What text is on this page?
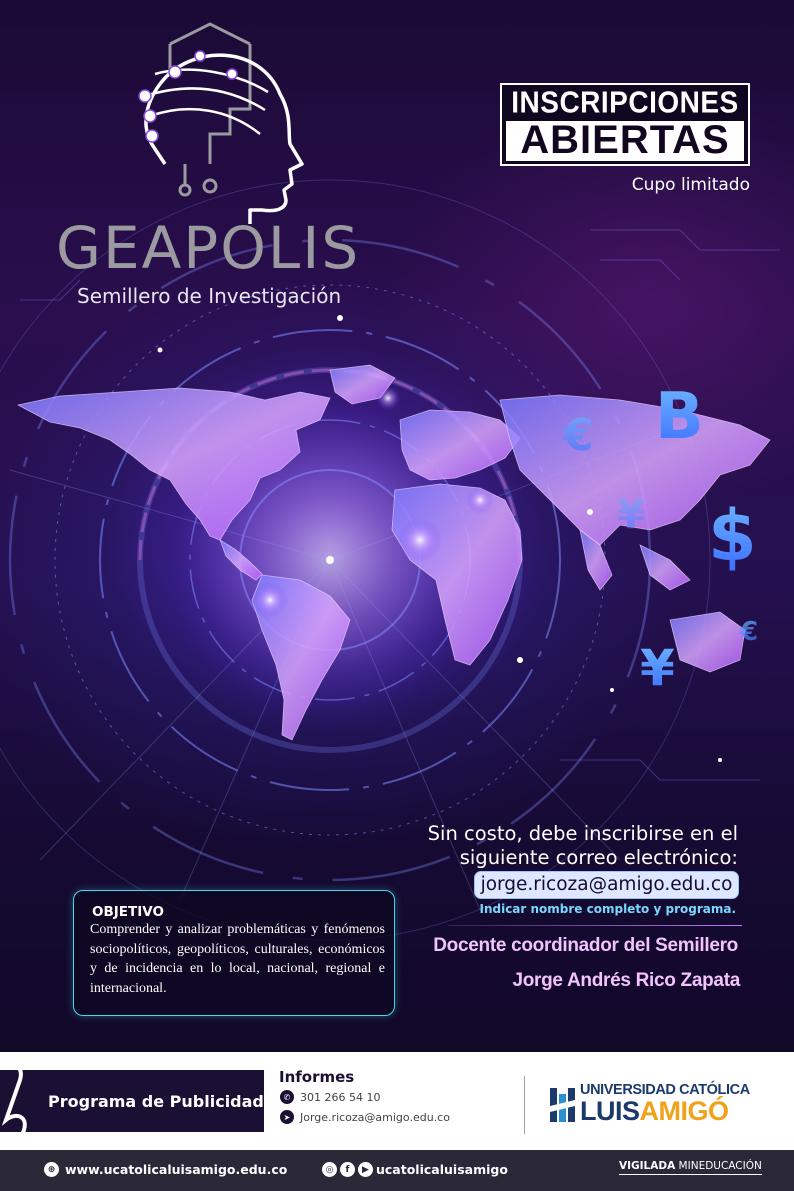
B
$
€
¥
€
¥
GEAPOLIS
Semillero de Investigación
INSCRIPCIONES
ABIERTAS
Cupo limitado
Sin costo, debe inscribirse en el
siguiente correo electrónico:
jorge.ricoza@amigo.edu.co
Indicar nombre completo y programa.
Docente coordinador del Semillero
Jorge Andrés Rico Zapata
OBJETIVO
Comprender y analizar problemáticas y fenómenos sociopolíticos, geopolíticos, culturales, económicos y de incidencia en lo local, nacional, regional e internacional.
Programa de Publicidad
Informes
✆ 301 266 54 10
➤ Jorge.ricoza@amigo.edu.co
UNIVERSIDAD CATÓLICA
LUISAMIGÓ
⊕ www.ucatolicaluisamigo.edu.co	◎	f	▶ ucatolicaluisamigo	VIGILADA MINEDUCACIÓN
